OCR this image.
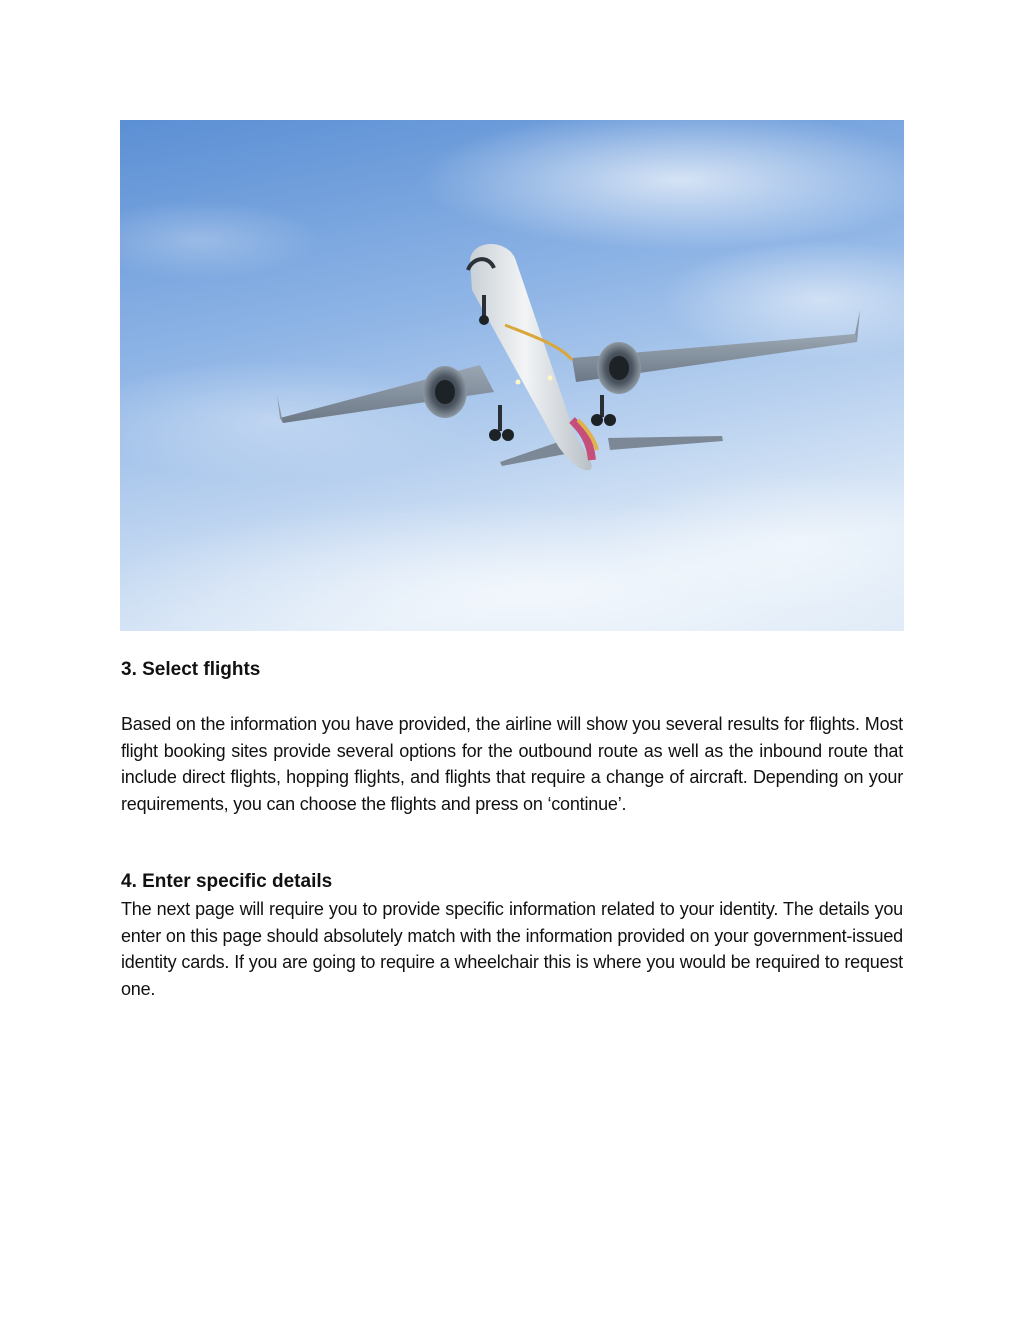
3. Select flights

Based on the information you have provided, the airline will show you several results for flights. Most flight booking sites provide several options for the outbound route as well as the inbound route that include direct flights, hopping flights, and flights that require a change of aircraft. Depending on your requirements, you can choose the flights and press on ‘continue’.

4. Enter specific details

The next page will require you to provide specific information related to your identity. The details you enter on this page should absolutely match with the information provided on your government-issued identity cards. If you are going to require a wheelchair this is where you would be required to request one.
